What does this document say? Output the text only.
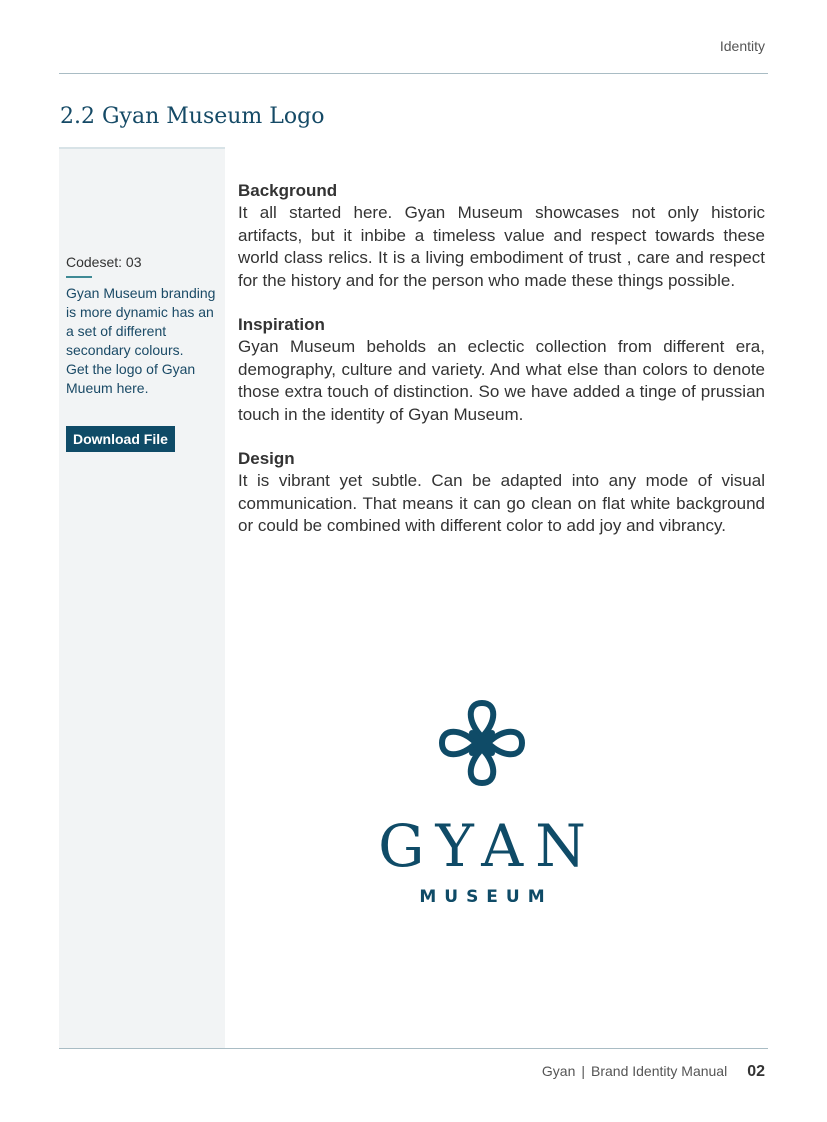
Identity
2.2 Gyan Museum Logo
Codeset: 03

Gyan Museum branding is more dynamic has an a set of different secondary colours.

Get the logo of Gyan Mueum here.

Download File
Background

It all started here. Gyan Museum showcases not only historic artifacts, but it inbibe a timeless value and respect towards these world class relics. It is a living embodiment of trust , care and respect for the history and for the person who made these things possible.

Inspiration

Gyan Museum beholds an eclectic collection from different era, demography, culture and variety. And what else than colors to denote those extra touch of distinction. So we have added a tinge of prussian touch in the identity of Gyan Museum.

Design

It is vibrant yet subtle. Can be adapted into any mode of visual communication. That means it can go clean on flat white background or could be combined with different color to add joy and vibrancy.

GYAN
MUSEUM
Gyan | Brand Identity Manual 02
